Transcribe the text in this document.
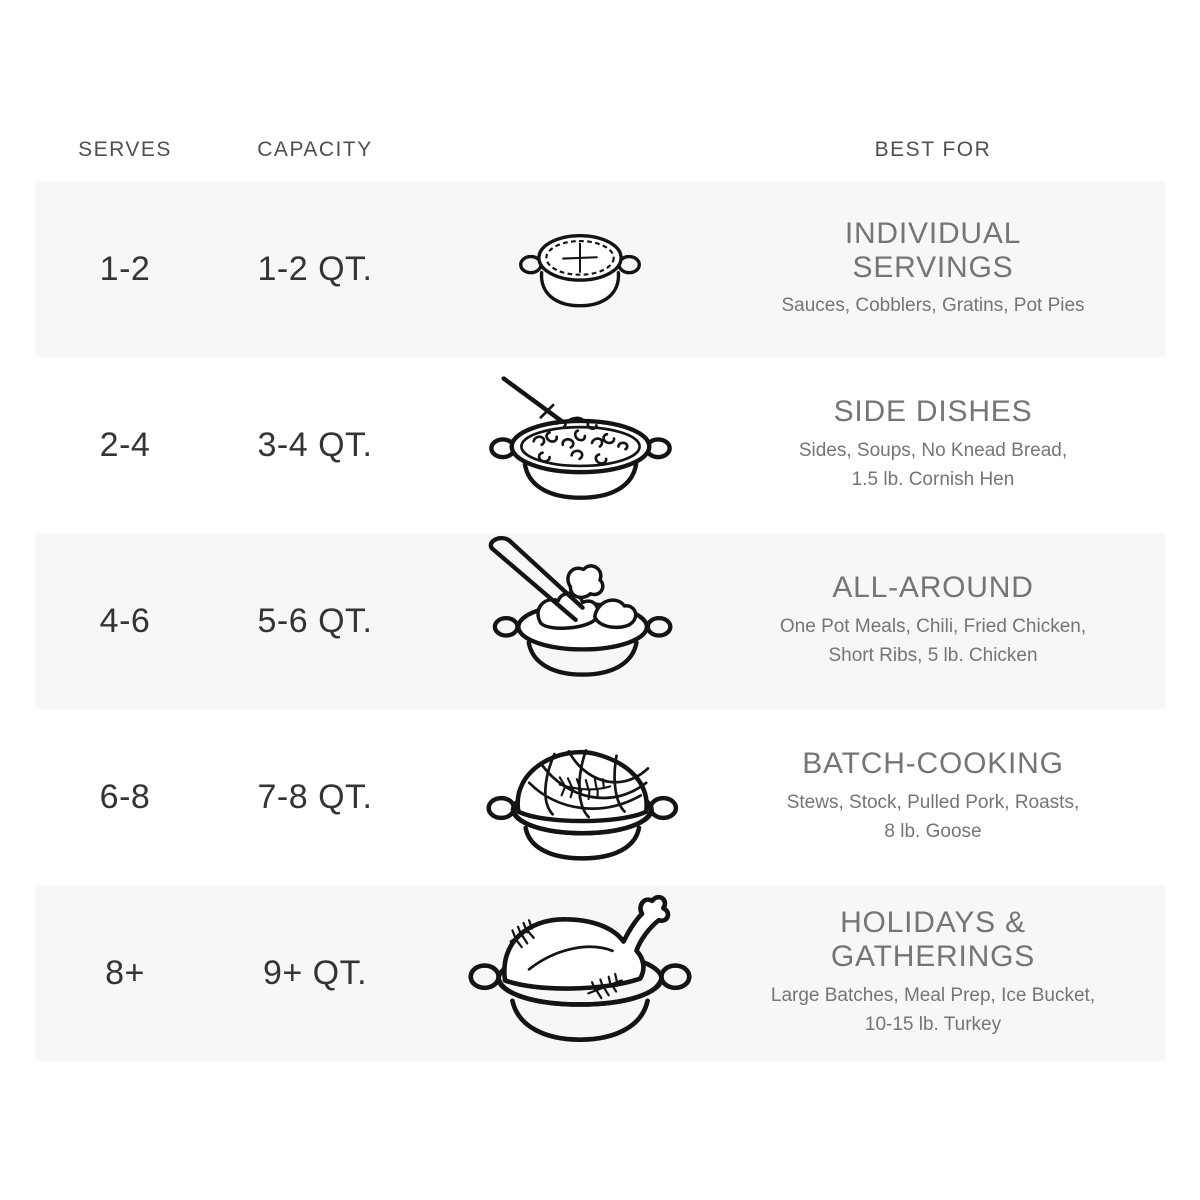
SERVES	CAPACITY	BEST FOR
1-2	1-2 QT.
INDIVIDUAL
SERVINGS
Sauces, Cobblers, Gratins, Pot Pies
2-4	3-4 QT.
SIDE DISHES
Sides, Soups, No Knead Bread,
1.5 lb. Cornish Hen
4-6	5-6 QT.
ALL-AROUND
One Pot Meals, Chili, Fried Chicken,
Short Ribs, 5 lb. Chicken
6-8	7-8 QT.
BATCH-COOKING
Stews, Stock, Pulled Pork, Roasts,
8 lb. Goose
8+	9+ QT.
HOLIDAYS &
GATHERINGS
Large Batches, Meal Prep, Ice Bucket,
10-15 lb. Turkey
